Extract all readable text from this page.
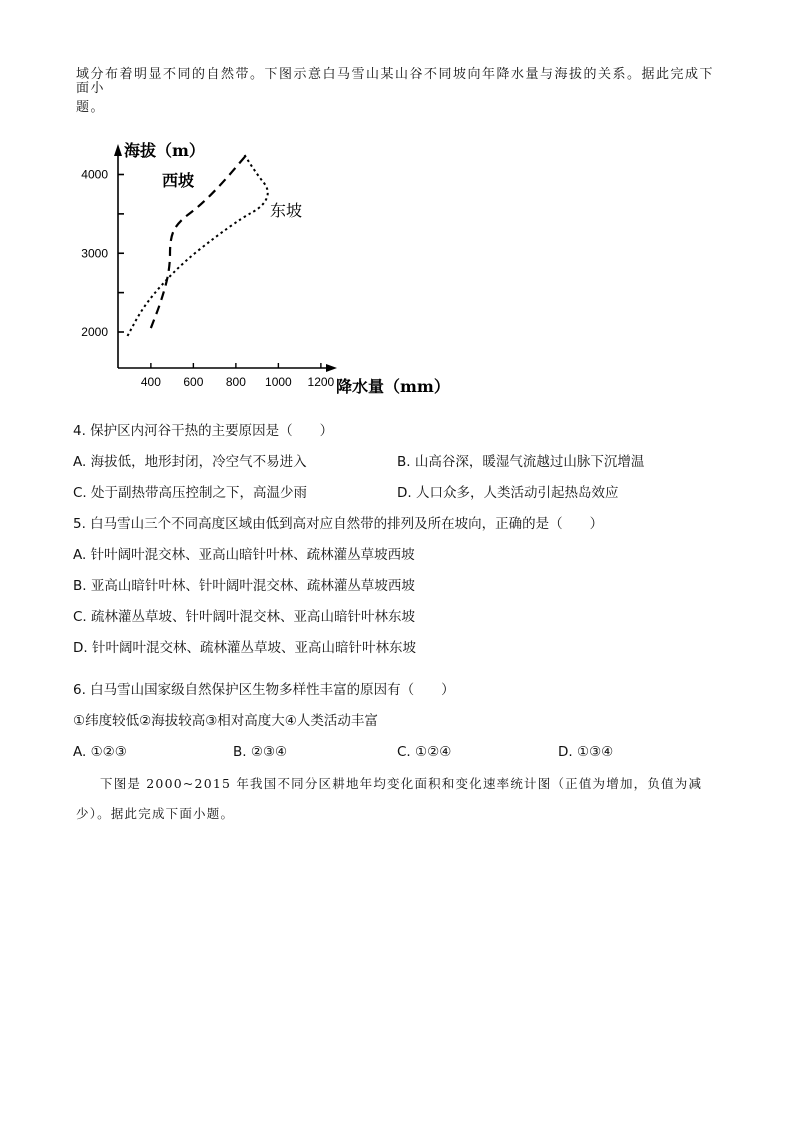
域分布着明显不同的自然带。下图示意白马雪山某山谷不同坡向年降水量与海拔的关系。据此完成下面小
题。
2000
3000
4000
400 600 800 1000 1200
西坡
东坡
海拔（m）
降水量（mm）
4. 保护区内河谷干热的主要原因是（　　）
A. 海拔低，地形封闭，冷空气不易进入	B. 山高谷深，暖湿气流越过山脉下沉增温
C. 处于副热带高压控制之下，高温少雨	D. 人口众多，人类活动引起热岛效应
5. 白马雪山三个不同高度区域由低到高对应自然带的排列及所在坡向，正确的是（　　）
A. 针叶阔叶混交林、亚高山暗针叶林、疏林灌丛草坡西坡
B. 亚高山暗针叶林、针叶阔叶混交林、疏林灌丛草坡西坡
C. 疏林灌丛草坡、针叶阔叶混交林、亚高山暗针叶林东坡
D. 针叶阔叶混交林、疏林灌丛草坡、亚高山暗针叶林东坡
6. 白马雪山国家级自然保护区生物多样性丰富的原因有（　　）
①纬度较低②海拔较高③相对高度大④人类活动丰富
A. ①②③	B. ②③④	C. ①②④	D. ①③④
下图是 2000~2015 年我国不同分区耕地年均变化面积和变化速率统计图（正值为增加，负值为减
少）。据此完成下面小题。
